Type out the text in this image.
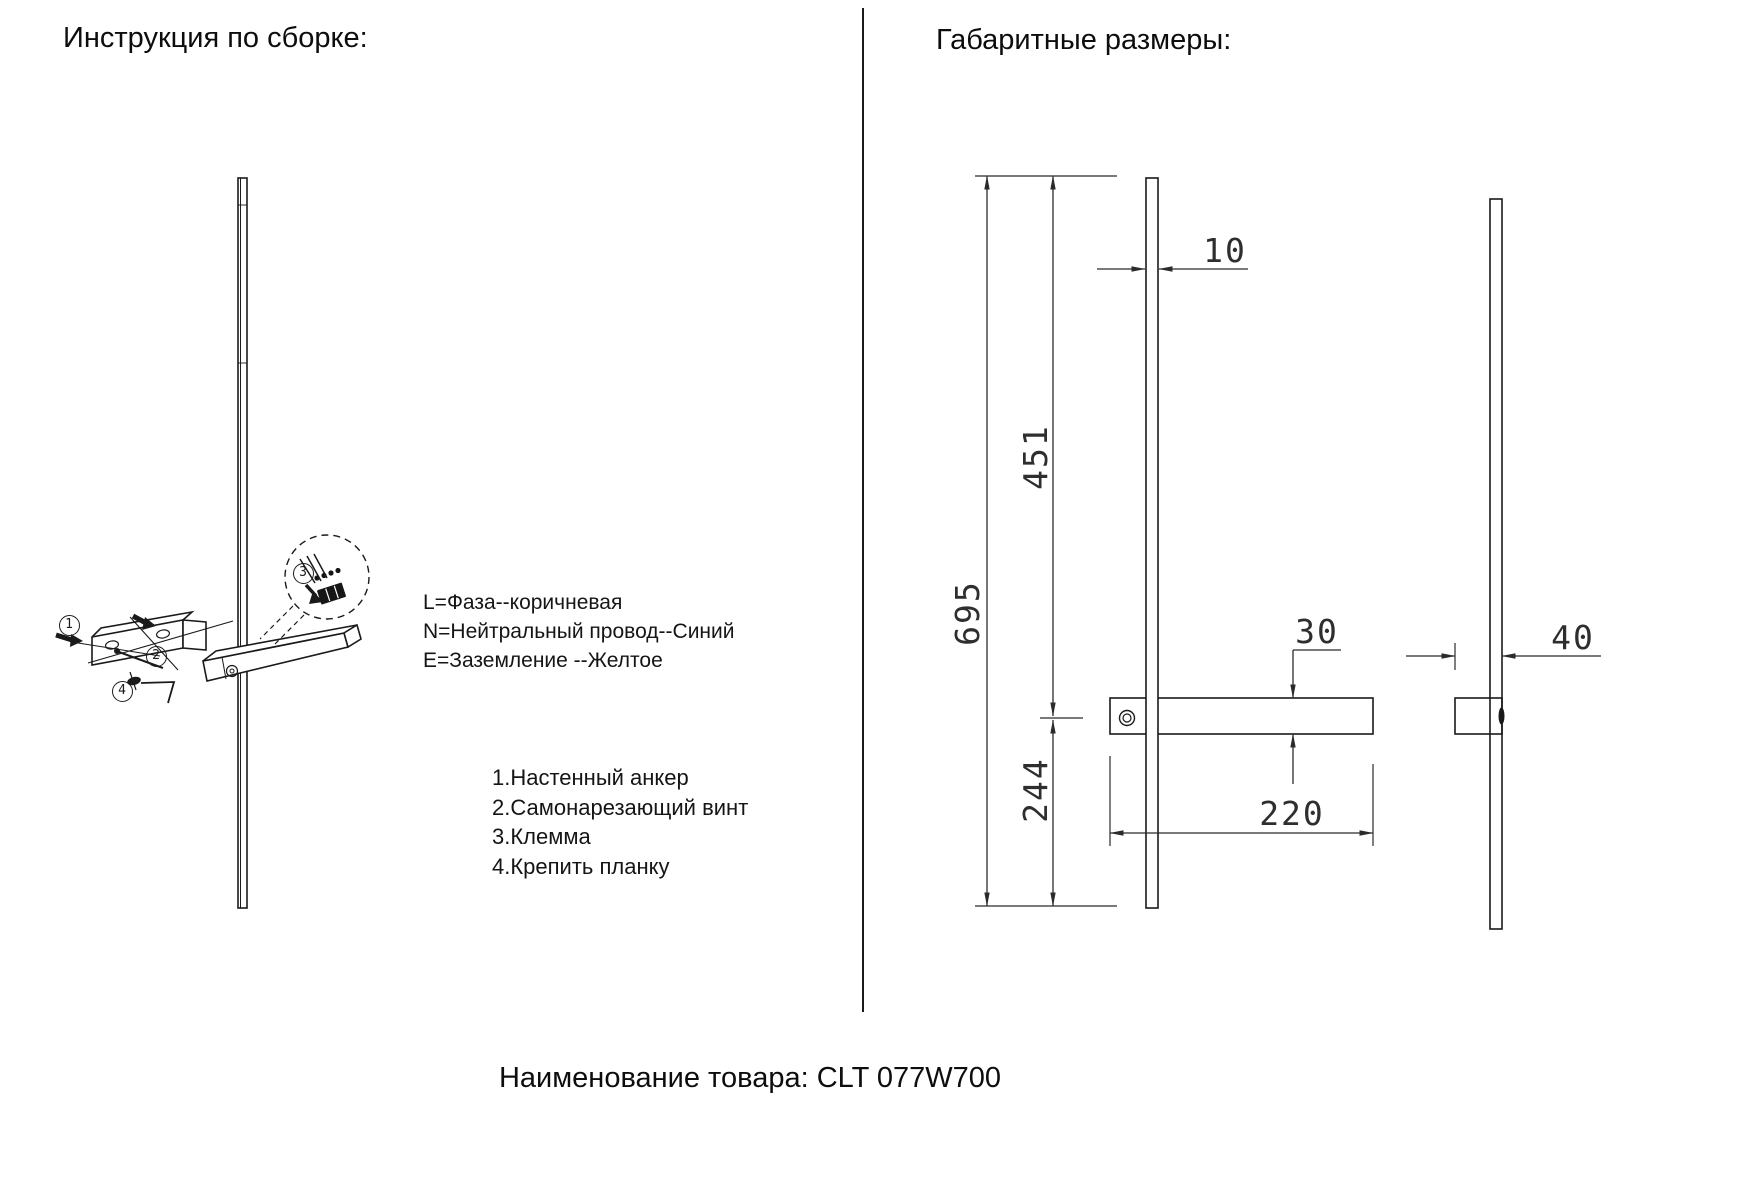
Инструкция по сборке:	Габаритные размеры:
L=Фаза--коричневая
N=Нейтральный провод--Синий
E=Заземление --Желтое
1.Настенный анкер
2.Самонарезающий винт
3.Клемма
4.Крепить планку
1
2
3
4
695
451
244
10
30
220
40
Наименование товара: CLT 077W700
